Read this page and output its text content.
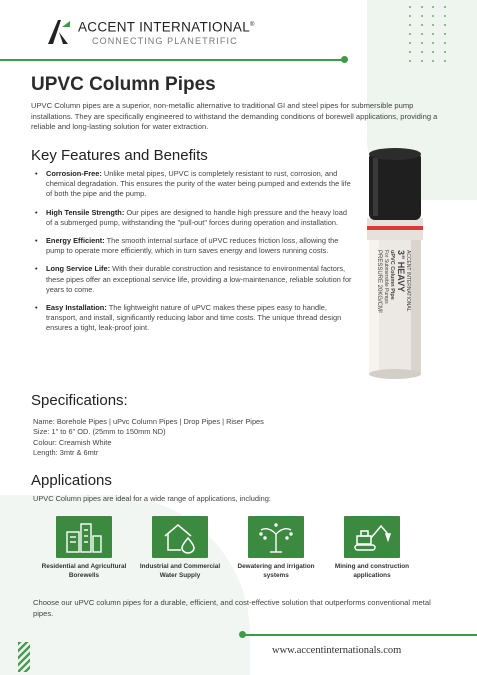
ACCENT INTERNATIONAL®
CONNECTING PLANETRIFIC
UPVC Column Pipes

UPVC Column pipes are a superior, non-metallic alternative to traditional GI and steel pipes for submersible pump installations. They are specifically engineered to withstand the demanding conditions of borewell applications, providing a reliable and long-lasting solution for water extraction.

Key Features and Benefits
• Corrosion-Free: Unlike metal pipes, UPVC is completely resistant to rust, corrosion, and chemical degradation. This ensures the purity of the water being pumped and extends the life of both the pipe and the pump.
• High Tensile Strength: Our pipes are designed to handle high pressure and the heavy load of a submerged pump, withstanding the "pull-out" forces during operation and installation.
• Energy Efficient: The smooth internal surface of uPVC reduces friction loss, allowing the pump to operate more efficiently, which in turn saves energy and lowers running costs.
• Long Service Life: With their durable construction and resistance to environmental factors, these pipes offer an exceptional service life, providing a low-maintenance, reliable solution for years to come.
• Easy Installation: The lightweight nature of uPVC makes these pipes easy to handle, transport, and install, significantly reducing labor and time costs. The unique thread design ensures a tight, leak-proof joint.
ACCENT INTERNATIONAL
3" HEAVY
uPVC Column Pipe
For Submersible Pumps
PRESSURE 20KG/CM²
Specifications:
Name: Borehole Pipes | uPvc Column Pipes | Drop Pipes | Riser Pipes
Size: 1" to 6" OD. (25mm to 150mm ND)
Colour: Creamish White
Length: 3mtr & 6mtr
Applications
UPVC Column pipes are ideal for a wide range of applications, including:
Residential and Agricultural Borewells
Industrial and Commercial Water Supply
Dewatering and irrigation systems
Mining and construction applications

Choose our uPVC column pipes for a durable, efficient, and cost-effective solution that outperforms conventional metal pipes.

www.accentinternationals.com
